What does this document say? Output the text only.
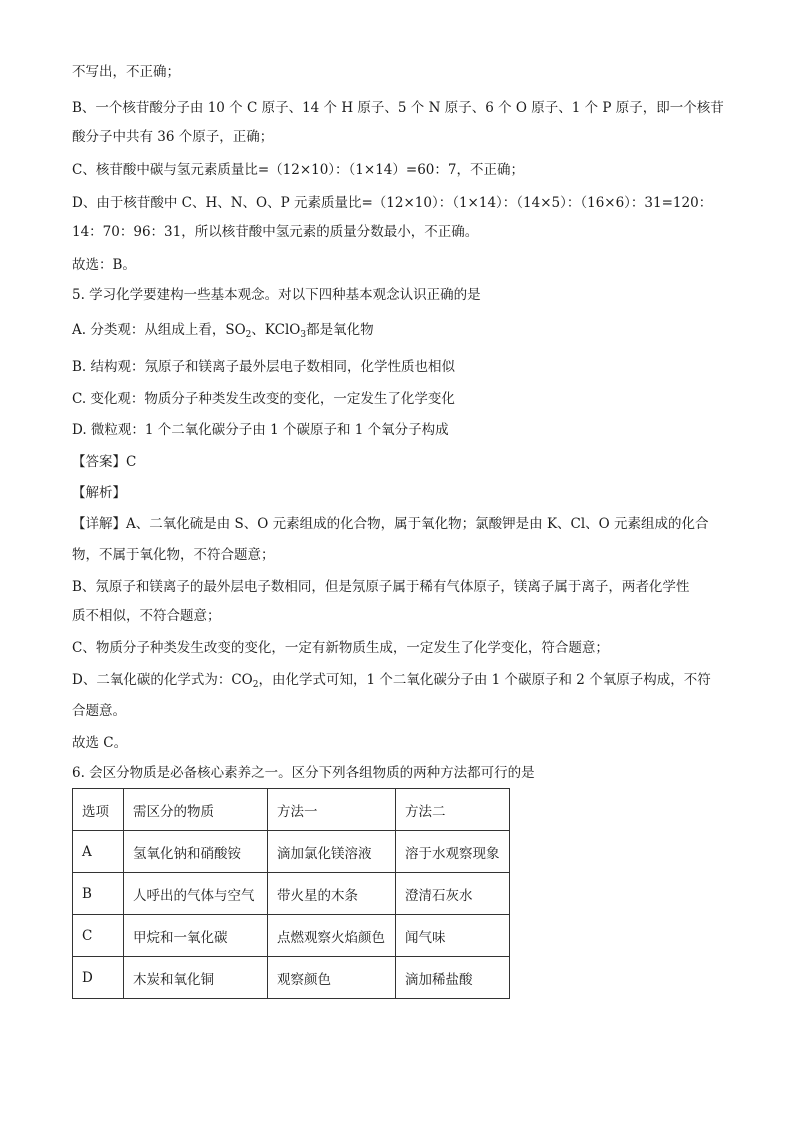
不写出，不正确；
B、一个核苷酸分子由 10 个 C 原子、14 个 H 原子、5 个 N 原子、6 个 O 原子、1 个 P 原子，即一个核苷
酸分子中共有 36 个原子，正确；
C、核苷酸中碳与氢元素质量比=（12×10）：（1×14）=60：7，不正确；
D、由于核苷酸中 C、H、N、O、P 元素质量比=（12×10）：（1×14）：（14×5）：（16×6）：31=120：
14：70：96：31，所以核苷酸中氢元素的质量分数最小，不正确。
故选：B。
5. 学习化学要建构一些基本观念。对以下四种基本观念认识正确的是
A. 分类观：从组成上看，$SO_2$、KClO$_3$都是氧化物
B. 结构观：氖原子和镁离子最外层电子数相同，化学性质也相似
C. 变化观：物质分子种类发生改变的变化，一定发生了化学变化
D. 微粒观：1 个二氧化碳分子由 1 个碳原子和 1 个氧分子构成
【答案】C
【解析】
【详解】A、二氧化硫是由 S、O 元素组成的化合物，属于氧化物；氯酸钾是由 K、Cl、O 元素组成的化合
物，不属于氧化物，不符合题意；
B、氖原子和镁离子的最外层电子数相同，但是氖原子属于稀有气体原子，镁离子属于离子，两者化学性
质不相似，不符合题意；
C、物质分子种类发生改变的变化，一定有新物质生成，一定发生了化学变化，符合题意；
D、二氧化碳的化学式为：$CO_2$，由化学式可知，1 个二氧化碳分子由 1 个碳原子和 2 个氧原子构成，不符
合题意。
故选 C。
6. 会区分物质是必备核心素养之一。区分下列各组物质的两种方法都可行的是
选项	需区分的物质	方法一	方法二
A	氢氧化钠和硝酸铵	滴加氯化镁溶液	溶于水观察现象
B	人呼出的气体与空气	带火星的木条	澄清石灰水
C	甲烷和一氧化碳	点燃观察火焰颜色	闻气味
D	木炭和氧化铜	观察颜色	滴加稀盐酸
